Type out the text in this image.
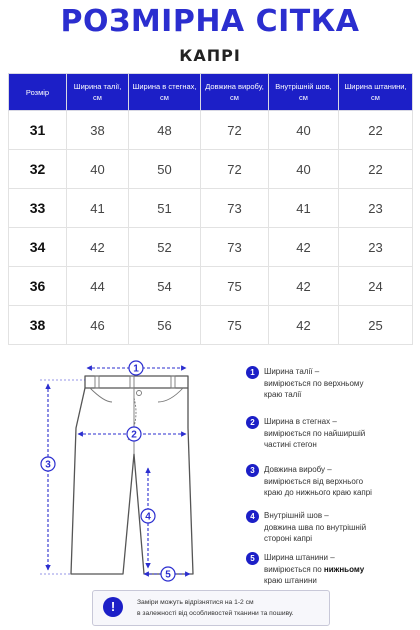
РОЗМІРНА СІТКА
КАПРІ
Розмір	Ширина талії, см	Ширина в стегнах, см	Довжина виробу, см	Внутрішній шов, см	Ширина штанини, см
31	38	48	72	40	22
32	40	50	72	40	22
33	41	51	73	41	23
34	42	52	73	42	23
36	44	54	75	42	24
38	46	56	75	42	25
1
2
3
4
5
1	Ширина талії –
вимірюється по верхньому
краю талії
2	Ширина в стегнах –
вимірюється по найширшій
частині стегон
3	Довжина виробу –
вимірюється від верхнього
краю до нижнього краю капрі
4	Внутрішній шов –
довжина шва по внутрішній
стороні капрі
5	Ширина штанини –
вимірюється по нижньому
краю штанини
!	Заміри можуть відрізнятися на 1-2 см
в залежності від особливостей тканини та пошиву.
